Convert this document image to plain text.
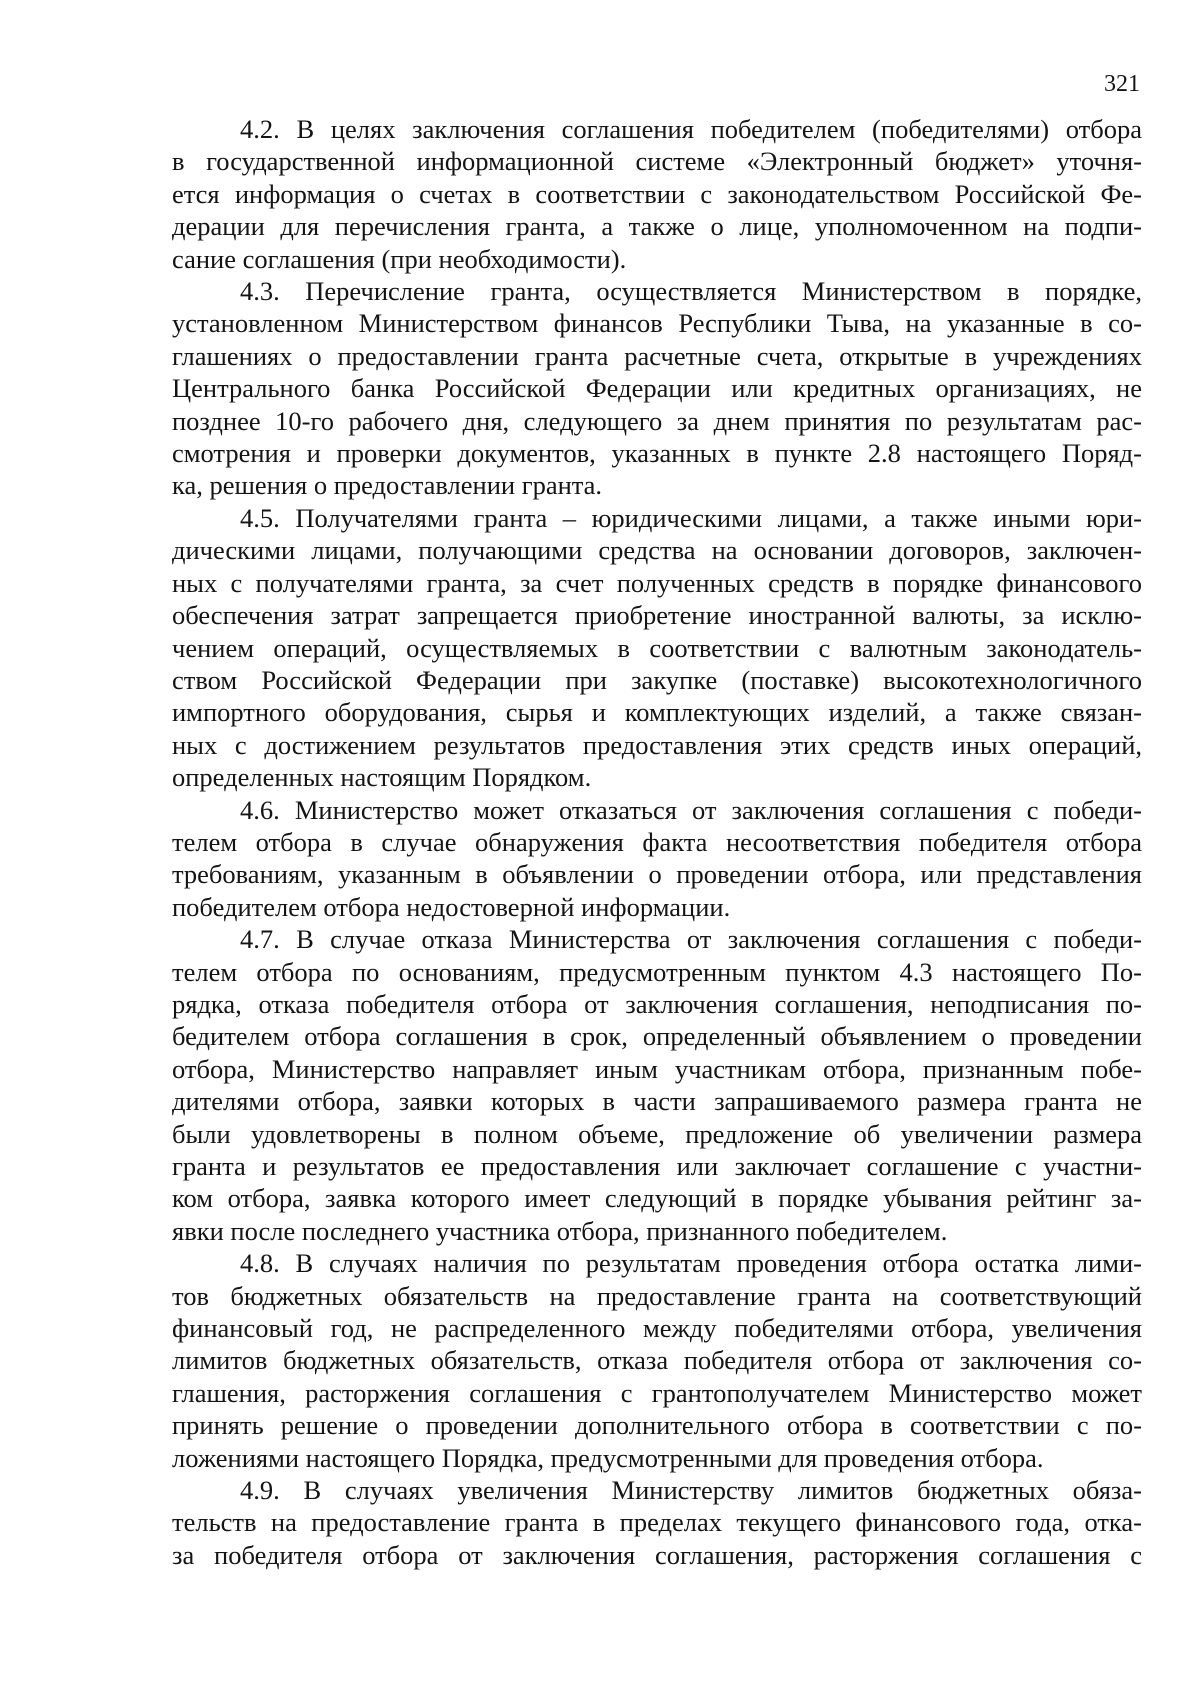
321
4.2. В целях заключения соглашения победителем (победителями) отбора
в государственной информационной системе «Электронный бюджет» уточня-
ется информация о счетах в соответствии с законодательством Российской Фе-
дерации для перечисления гранта, а также о лице, уполномоченном на подпи-
сание соглашения (при необходимости).
4.3. Перечисление гранта, осуществляется Министерством в порядке,
установленном Министерством финансов Республики Тыва, на указанные в со-
глашениях о предоставлении гранта расчетные счета, открытые в учреждениях
Центрального банка Российской Федерации или кредитных организациях, не
позднее 10-го рабочего дня, следующего за днем принятия по результатам рас-
смотрения и проверки документов, указанных в пункте 2.8 настоящего Поряд-
ка, решения о предоставлении гранта.
4.5. Получателями гранта – юридическими лицами, а также иными юри-
дическими лицами, получающими средства на основании договоров, заключен-
ных с получателями гранта, за счет полученных средств в порядке финансового
обеспечения затрат запрещается приобретение иностранной валюты, за исклю-
чением операций, осуществляемых в соответствии с валютным законодатель-
ством Российской Федерации при закупке (поставке) высокотехнологичного
импортного оборудования, сырья и комплектующих изделий, а также связан-
ных с достижением результатов предоставления этих средств иных операций,
определенных настоящим Порядком.
4.6. Министерство может отказаться от заключения соглашения с победи-
телем отбора в случае обнаружения факта несоответствия победителя отбора
требованиям, указанным в объявлении о проведении отбора, или представления
победителем отбора недостоверной информации.
4.7. В случае отказа Министерства от заключения соглашения с победи-
телем отбора по основаниям, предусмотренным пунктом 4.3 настоящего По-
рядка, отказа победителя отбора от заключения соглашения, неподписания по-
бедителем отбора соглашения в срок, определенный объявлением о проведении
отбора, Министерство направляет иным участникам отбора, признанным побе-
дителями отбора, заявки которых в части запрашиваемого размера гранта не
были удовлетворены в полном объеме, предложение об увеличении размера
гранта и результатов ее предоставления или заключает соглашение с участни-
ком отбора, заявка которого имеет следующий в порядке убывания рейтинг за-
явки после последнего участника отбора, признанного победителем.
4.8. В случаях наличия по результатам проведения отбора остатка лими-
тов бюджетных обязательств на предоставление гранта на соответствующий
финансовый год, не распределенного между победителями отбора, увеличения
лимитов бюджетных обязательств, отказа победителя отбора от заключения со-
глашения, расторжения соглашения с грантополучателем Министерство может
принять решение о проведении дополнительного отбора в соответствии с по-
ложениями настоящего Порядка, предусмотренными для проведения отбора.
4.9. В случаях увеличения Министерству лимитов бюджетных обяза-
тельств на предоставление гранта в пределах текущего финансового года, отка-
за победителя отбора от заключения соглашения, расторжения соглашения с
